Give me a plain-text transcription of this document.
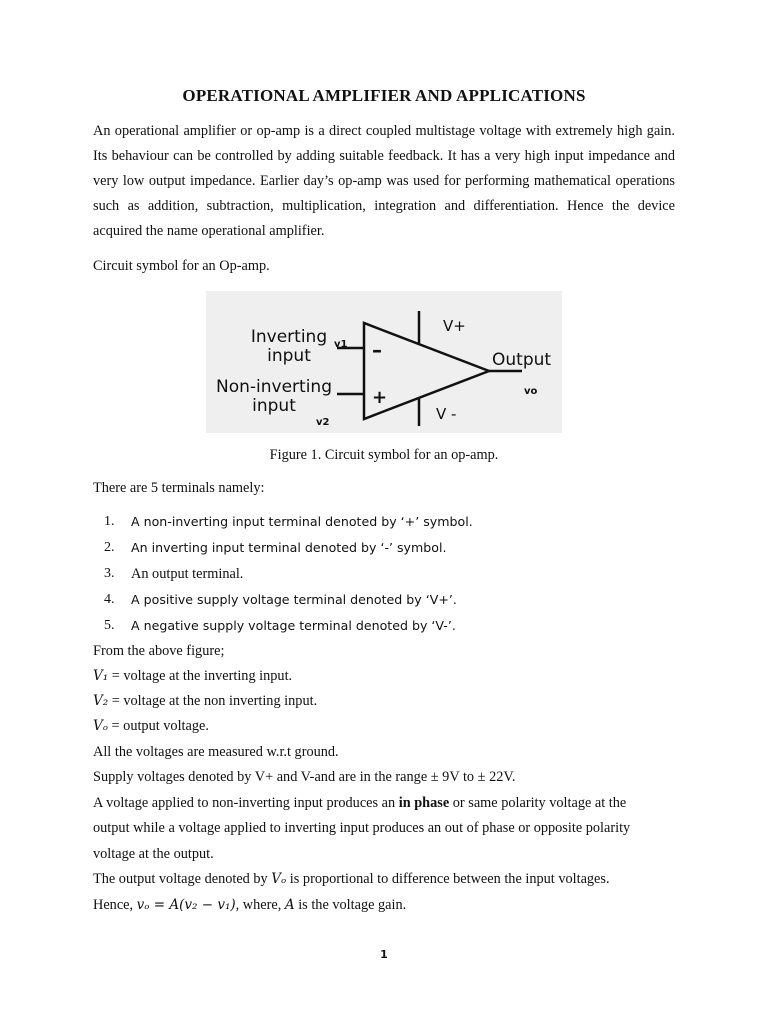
OPERATIONAL AMPLIFIER AND APPLICATIONS

An operational amplifier or op-amp is a direct coupled multistage voltage with extremely high gain. Its behaviour can be controlled by adding suitable feedback. It has a very high input impedance and very low output impedance. Earlier day’s op-amp was used for performing mathematical operations such as addition, subtraction, multiplication, integration and differentiation. Hence the device acquired the name operational amplifier.

Circuit symbol for an Op-amp.
Inverting
input
v1
Non-inverting
input
v2
–
+
V+
V -
Output
vo
Figure 1. Circuit symbol for an op-amp.
There are 5 terminals namely:
1. A non-inverting input terminal denoted by ‘+’ symbol.
2. An inverting input terminal denoted by ‘-’ symbol.
3. An output terminal.
4. A positive supply voltage terminal denoted by ‘V+’.
5. A negative supply voltage terminal denoted by ‘V-’.
From the above figure;
V₁ = voltage at the inverting input.
V₂ = voltage at the non inverting input.
Vₒ = output voltage.
All the voltages are measured w.r.t ground.
Supply voltages denoted by V+ and V-and are in the range ± 9V to ± 22V.
A voltage applied to non-inverting input produces an in phase or same polarity voltage at the
output while a voltage applied to inverting input produces an out of phase or opposite polarity
voltage at the output.
The output voltage denoted by Vₒ is proportional to difference between the input voltages.
Hence, vₒ = A(v₂ − v₁), where, A is the voltage gain.
1
